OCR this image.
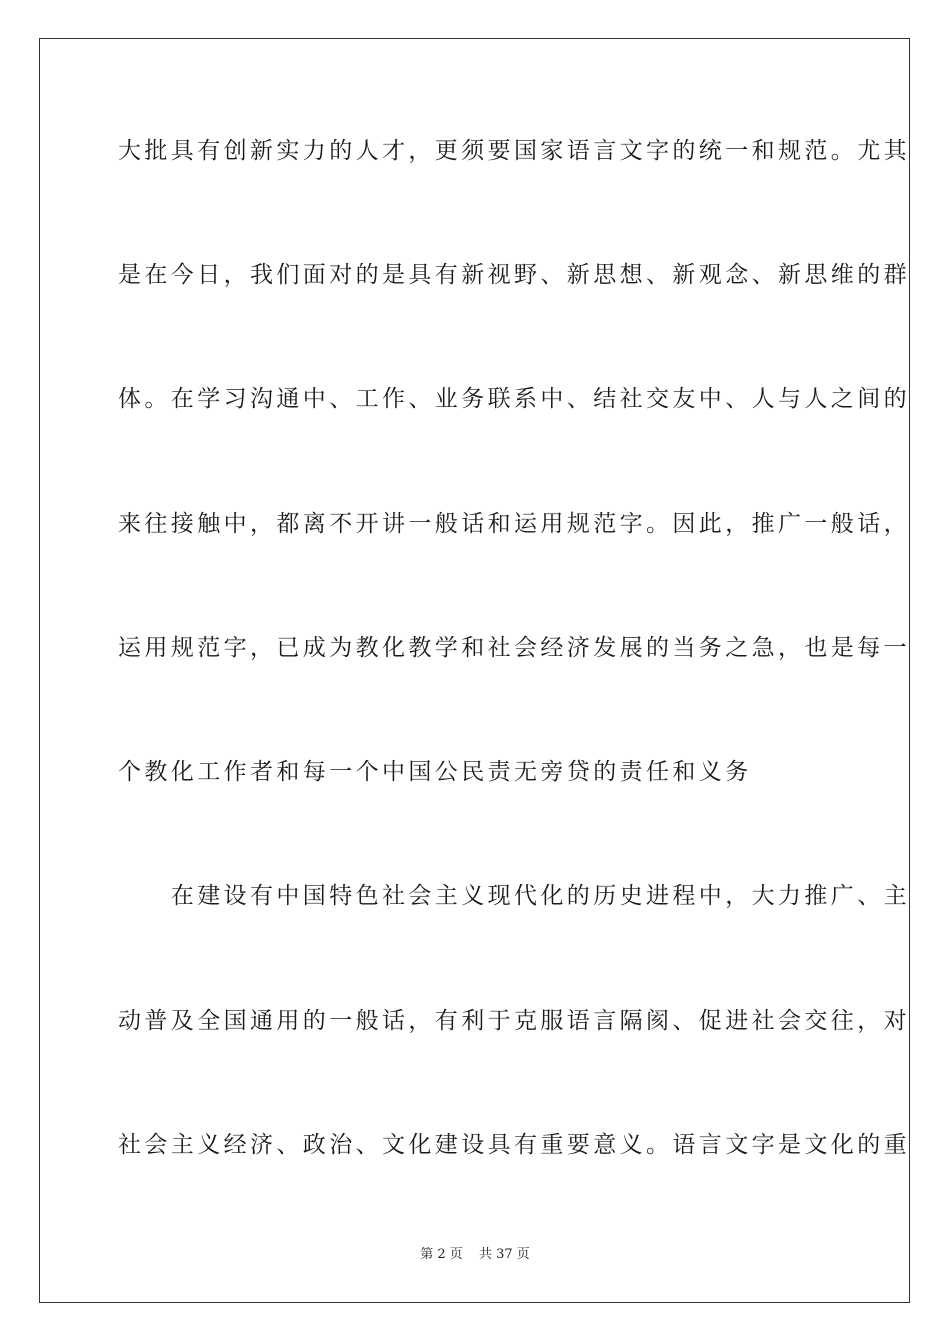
大批具有创新实力的人才，更须要国家语言文字的统一和规范。尤其
是在今日，我们面对的是具有新视野、新思想、新观念、新思维的群
体。在学习沟通中、工作、业务联系中、结社交友中、人与人之间的
来往接触中，都离不开讲一般话和运用规范字。因此，推广一般话，
运用规范字，已成为教化教学和社会经济发展的当务之急，也是每一
个教化工作者和每一个中国公民责无旁贷的责任和义务
　　在建设有中国特色社会主义现代化的历史进程中，大力推广、主
动普及全国通用的一般话，有利于克服语言隔阂、促进社会交往，对
社会主义经济、政治、文化建设具有重要意义。语言文字是文化的重
第 2 页 共 37 页
